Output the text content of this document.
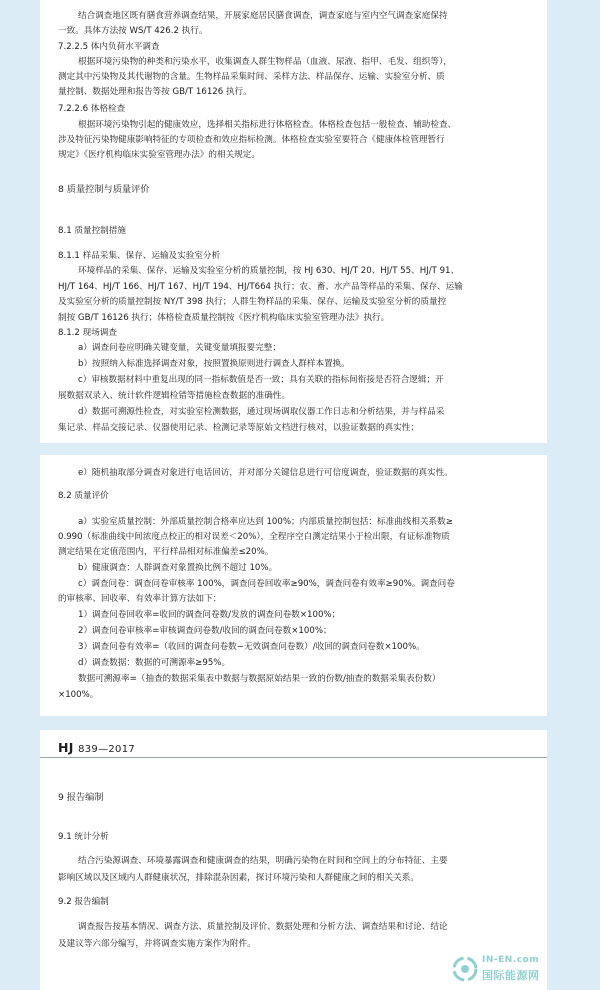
结合调查地区既有膳食营养调查结果，开展家庭居民膳食调查，调查家庭与室内空气调查家庭保持
一致。具体方法按 WS/T 426.2 执行。
7.2.2.5 体内负荷水平调查
根据环境污染物的种类和污染水平，收集调查人群生物样品（血液、尿液、指甲、毛发、组织等），
测定其中污染物及其代谢物的含量。生物样品采集时间、采样方法、样品保存、运输、实验室分析、质
量控制、数据处理和报告等按 GB/T 16126 执行。
7.2.2.6 体格检查
根据环境污染物引起的健康效应，选择相关指标进行体格检查。体格检查包括一般检查、辅助检查、
涉及特征污染物健康影响特征的专项检查和效应指标检测。体格检查实验室要符合《健康体检管理暂行
规定》《医疗机构临床实验室管理办法》的相关规定。
8 质量控制与质量评价
8.1 质量控制措施
8.1.1 样品采集、保存、运输及实验室分析
环境样品的采集、保存、运输及实验室分析的质量控制，按 HJ 630、HJ/T 20、HJ/T 55、HJ/T 91、
HJ/T 164、HJ/T 166、HJ/T 167、HJ/T 194、HJ/T664 执行；农、畜、水产品等样品的采集、保存、运输
及实验室分析的质量控制按 NY/T 398 执行；人群生物样品的采集、保存、运输及实验室分析的质量控
制按 GB/T 16126 执行；体格检查质量控制按《医疗机构临床实验室管理办法》执行。
8.1.2 现场调查
a）调查问卷应明确关键变量，关键变量填报要完整；
b）按照纳入标准选择调查对象，按照置换原则进行调查人群样本置换。
c）审核数据材料中重复出现的同一指标数值是否一致；具有关联的指标间衔接是否符合逻辑；开
展数据双录入、统计软件逻辑检错等措施检查数据的准确性。
d）数据可溯源性检查，对实验室检测数据，通过现场调取仪器工作日志和分析结果，并与样品采
集记录、样品交接记录、仪器使用记录、检测记录等原始文档进行核对，以验证数据的真实性；
e）随机抽取部分调查对象进行电话回访，并对部分关键信息进行可信度调查，验证数据的真实性。
8.2 质量评价
a）实验室质量控制：外部质量控制合格率应达到 100%；内部质量控制包括：标准曲线相关系数≥
0.990（标准曲线中间浓度点校正的相对误差＜20%），全程序空白测定结果小于检出限，有证标准物质
测定结果在定值范围内，平行样品相对标准偏差≤20%。
b）健康调查：人群调查对象置换比例不超过 10%。
c）调查问卷：调查问卷审核率 100%，调查问卷回收率≥90%，调查问卷有效率≥90%。调查问卷
的审核率、回收率、有效率计算方法如下：
1）调查问卷回收率=收回的调查问卷数/发放的调查问卷数×100%；
2）调查问卷审核率=审核调查问卷数/收回的调查问卷数×100%；
3）调查问卷有效率=（收回的调查问卷数−无效调查问卷数）/收回的调查问卷数×100%。
d）调查数据：数据的可溯源率≥95%。
数据可溯源率=（抽查的数据采集表中数据与数据原始结果一致的份数/抽查的数据采集表份数）
×100%。
HJ 839—2017
9 报告编制
9.1 统计分析
结合污染源调查、环境暴露调查和健康调查的结果，明确污染物在时间和空间上的分布特征、主要
影响区域以及区域内人群健康状况，排除混杂因素，探讨环境污染和人群健康之间的相关关系。
9.2 报告编制
调查报告按基本情况、调查方法、质量控制及评价、数据处理和分析方法、调查结果和讨论、结论
及建议等六部分编写，并将调查实施方案作为附件。
IN-EN.com
国际能源网
